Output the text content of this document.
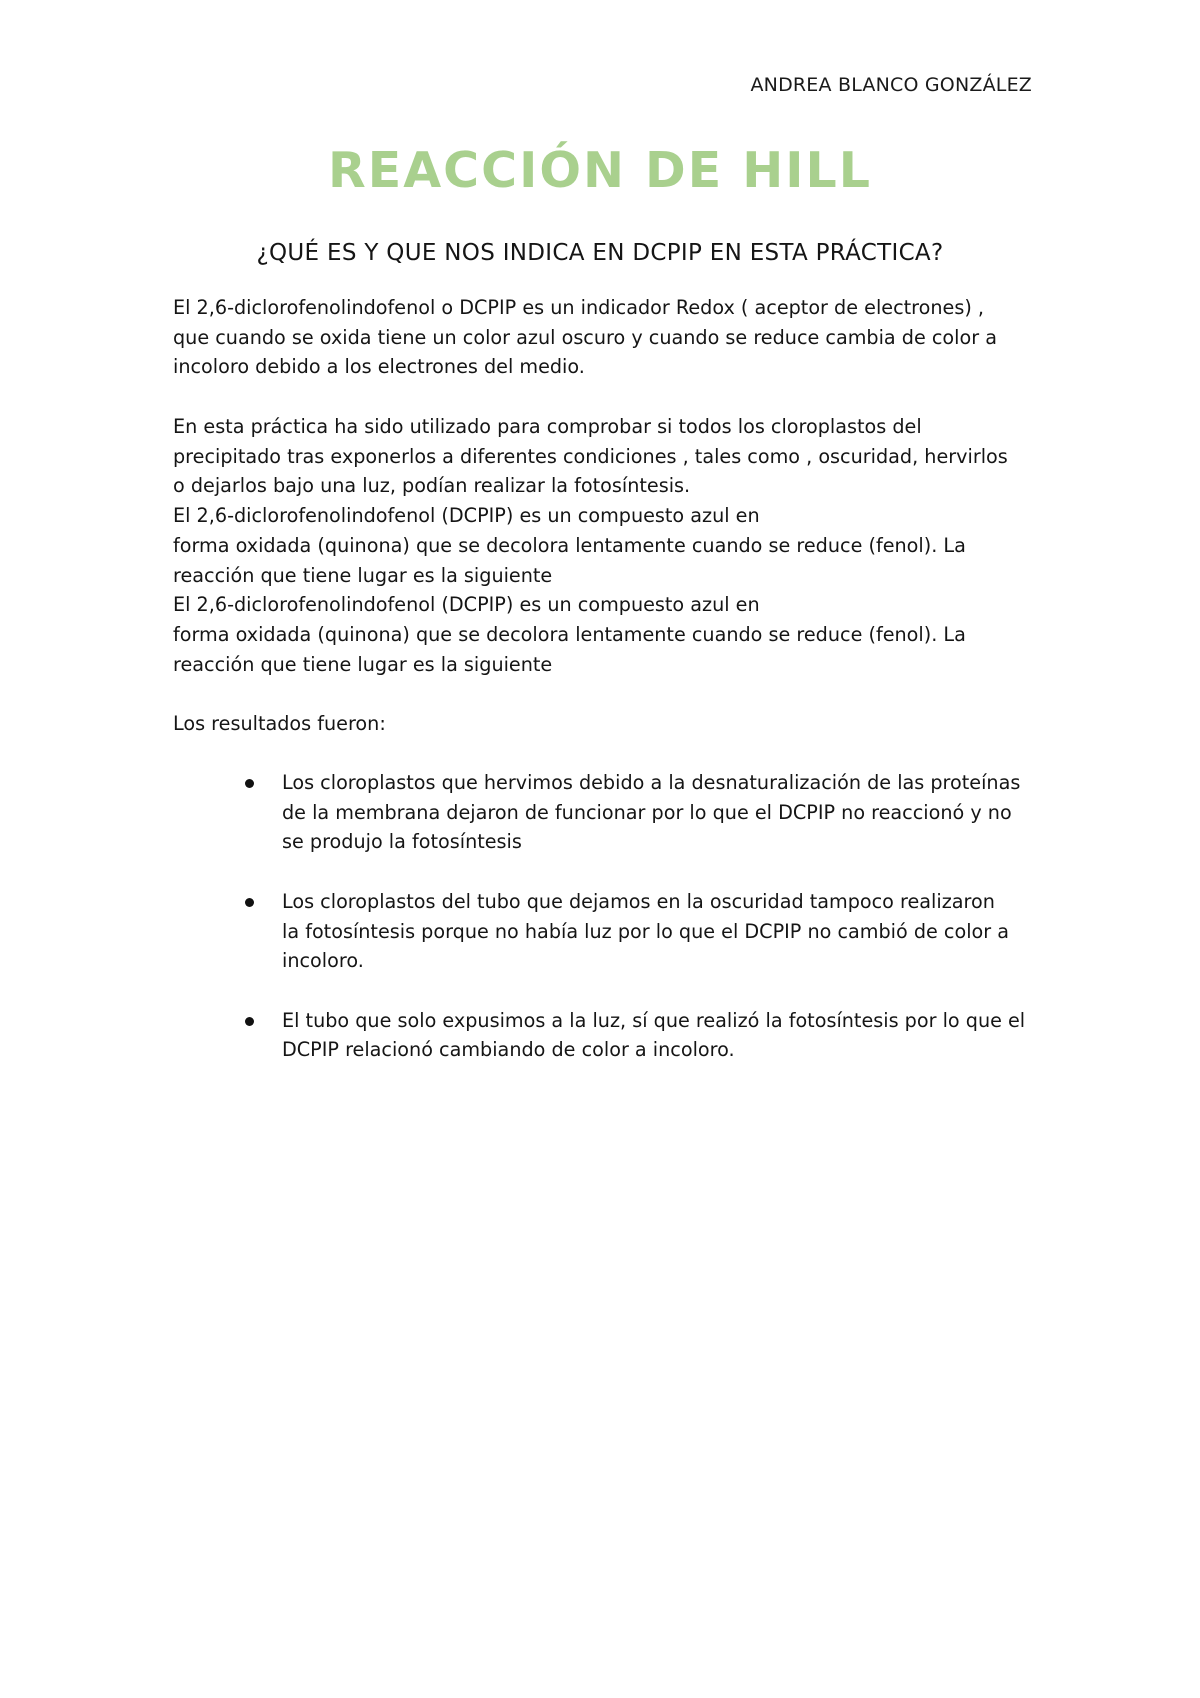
ANDREA BLANCO GONZÁLEZ
REACCIÓN DE HILL
¿QUÉ ES Y QUE NOS INDICA EN DCPIP EN ESTA PRÁCTICA?
El 2,6-diclorofenolindofenol o DCPIP es un indicador Redox ( aceptor de electrones) ,
que cuando se oxida tiene un color azul oscuro y cuando se reduce cambia de color a
incoloro debido a los electrones del medio.
En esta práctica ha sido utilizado para comprobar si todos los cloroplastos del
precipitado tras exponerlos a diferentes condiciones , tales como , oscuridad, hervirlos
o dejarlos bajo una luz, podían realizar la fotosíntesis.
El 2,6-diclorofenolindofenol (DCPIP) es un compuesto azul en
forma oxidada (quinona) que se decolora lentamente cuando se reduce (fenol). La
reacción que tiene lugar es la siguiente
El 2,6-diclorofenolindofenol (DCPIP) es un compuesto azul en
forma oxidada (quinona) que se decolora lentamente cuando se reduce (fenol). La
reacción que tiene lugar es la siguiente
Los resultados fueron:
Los cloroplastos que hervimos debido a la desnaturalización de las proteínas
de la membrana dejaron de funcionar por lo que el DCPIP no reaccionó y no
se produjo la fotosíntesis
Los cloroplastos del tubo que dejamos en la oscuridad tampoco realizaron
la fotosíntesis porque no había luz por lo que el DCPIP no cambió de color a
incoloro.
El tubo que solo expusimos a la luz, sí que realizó la fotosíntesis por lo que el
DCPIP relacionó cambiando de color a incoloro.
